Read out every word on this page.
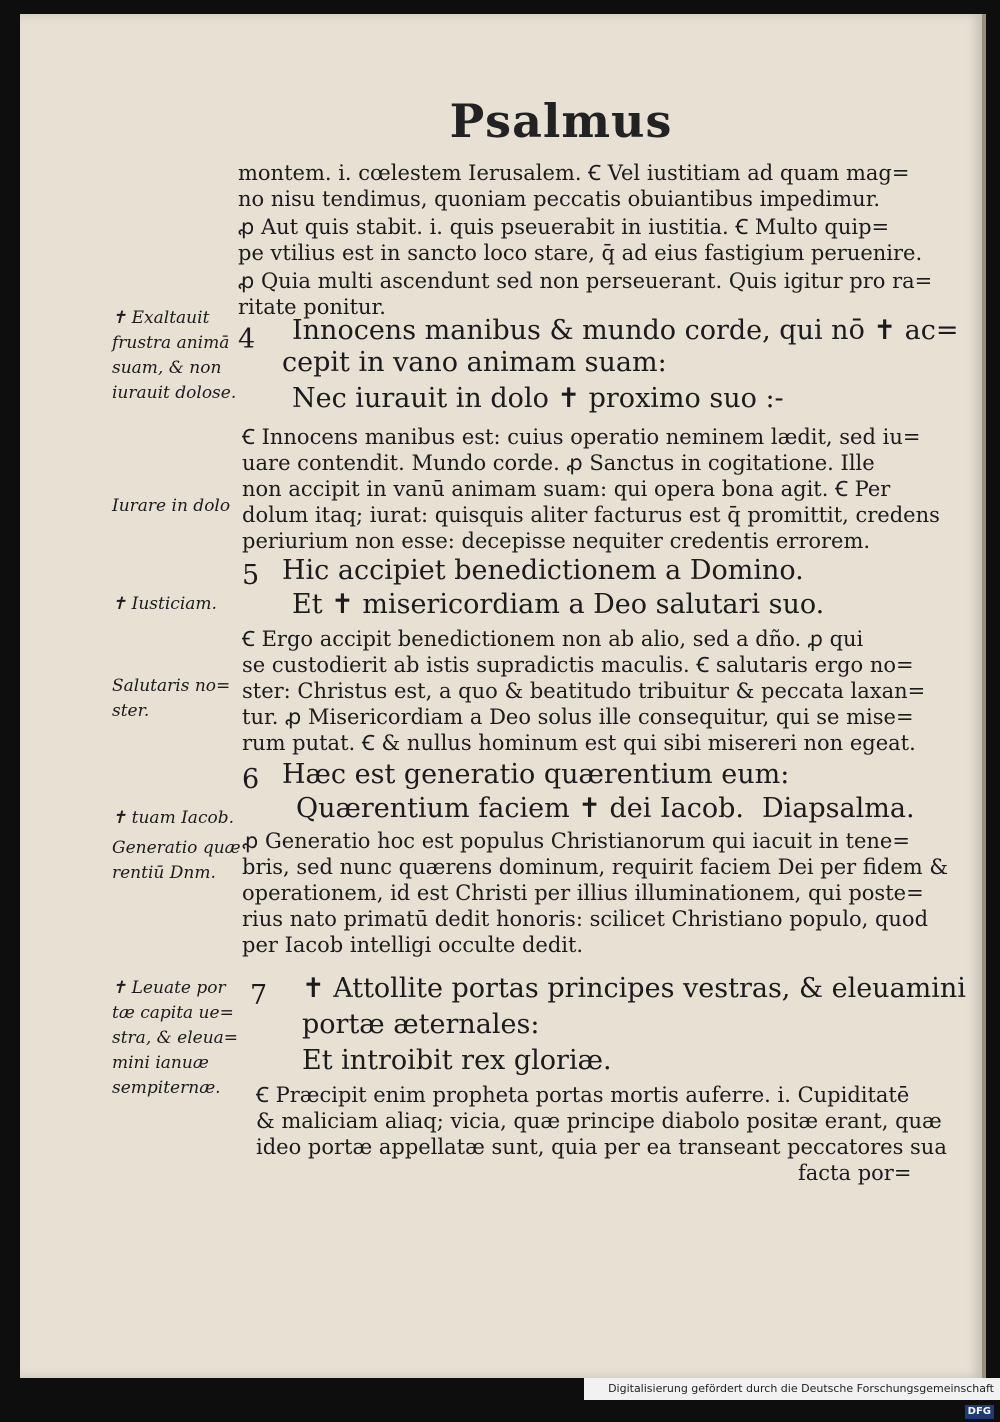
Psalmus
montem. i. cœlestem Ierusalem. Ꞓ Vel iustitiam ad quam mag=
no nisu tendimus, quoniam peccatis obuiantibus impedimur.
ꝓ Aut quis stabit. i. quis pseuerabit in iustitia. Ꞓ Multo quip=
pe vtilius est in sancto loco stare, q̄ ad eius fastigium peruenire.
ꝓ Quia multi ascendunt sed non perseuerant. Quis igitur pro ra=
ritate ponitur.
4 Innocens manibus & mundo corde, qui nō ✝ ac=
cepit in vano animam suam:
Nec iurauit in dolo ✝ proximo suo :-
Ꞓ Innocens manibus est: cuius operatio neminem lædit, sed iu=
uare contendit. Mundo corde. ꝓ Sanctus in cogitatione. Ille
non accipit in vanū animam suam: qui opera bona agit. Ꞓ Per
dolum itaq; iurat: quisquis aliter facturus est q̄ promittit, credens
periurium non esse: decepisse nequiter credentis errorem.
5 Hic accipiet benedictionem a Domino.
Et ✝ misericordiam a Deo salutari suo.
Ꞓ Ergo accipit benedictionem non ab alio, sed a dño. ꝓ qui
se custodierit ab istis supradictis maculis. Ꞓ salutaris ergo no=
ster: Christus est, a quo & beatitudo tribuitur & peccata laxan=
tur. ꝓ Misericordiam a Deo solus ille consequitur, qui se mise=
rum putat. Ꞓ & nullus hominum est qui sibi misereri non egeat.
6 Hæc est generatio quærentium eum:
Quærentium faciem ✝ dei Iacob. Diapsalma.
ꝓ Generatio hoc est populus Christianorum qui iacuit in tene=
bris, sed nunc quærens dominum, requirit faciem Dei per fidem &
operationem, id est Christi per illius illuminationem, qui poste=
rius nato primatū dedit honoris: scilicet Christiano populo, quod
per Iacob intelligi occulte dedit.
7 ✝ Attollite portas principes vestras, & eleuamini
portæ æternales:
Et introibit rex gloriæ.
Ꞓ Præcipit enim propheta portas mortis auferre. i. Cupiditatē
& maliciam aliaq; vicia, quæ principe diabolo positæ erant, quæ
ideo portæ appellatæ sunt, quia per ea transeant peccatores sua
facta por=
✝ Exaltauit
frustra animā
suam, & non
iurauit dolose.
Iurare in dolo
✝ Iusticiam.
Salutaris no=
ster.
✝ tuam Iacob.
Generatio quæ
rentiū Dnm.
✝ Leuate por
tæ capita ue=
stra, & eleua=
mini ianuæ
sempiternæ.
Digitalisierung gefördert durch die Deutsche Forschungsgemeinschaft DFG
